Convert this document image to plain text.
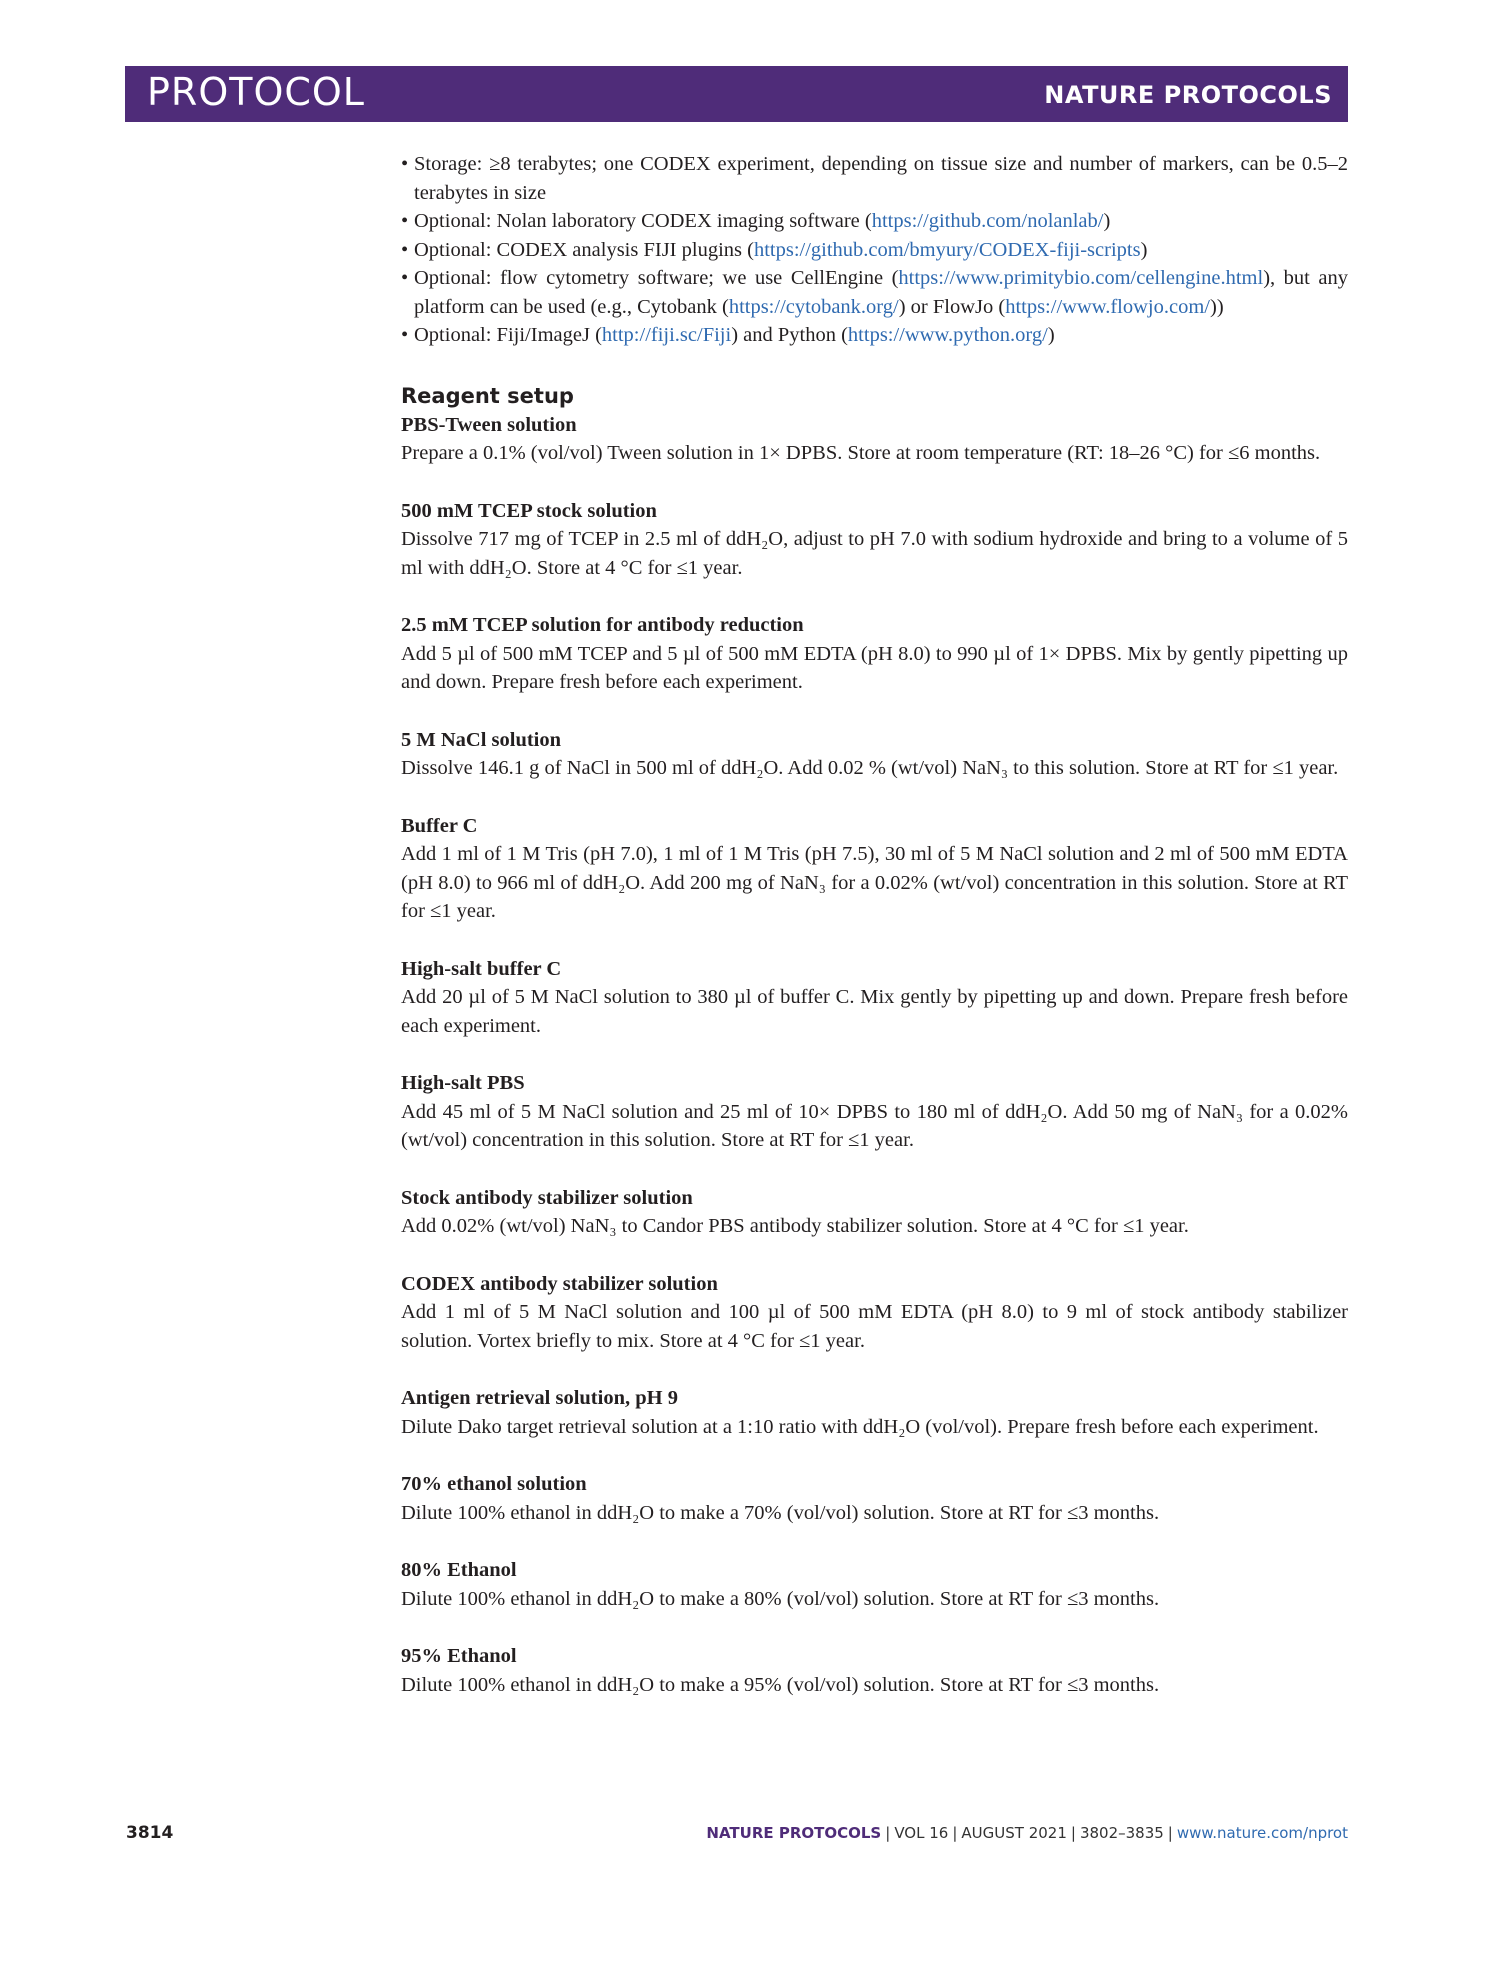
PROTOCOL	NATURE PROTOCOLS
• Storage: ≥8 terabytes; one CODEX experiment, depending on tissue size and number of markers, can be 0.5–2 terabytes in size
• Optional: Nolan laboratory CODEX imaging software (https://github.com/nolanlab/)
• Optional: CODEX analysis FIJI plugins (https://github.com/bmyury/CODEX-fiji-scripts)
• Optional: flow cytometry software; we use CellEngine (https://www.primitybio.com/cellengine.html), but any platform can be used (e.g., Cytobank (https://cytobank.org/) or FlowJo (https://www.flowjo.com/))
• Optional: Fiji/ImageJ (http://fiji.sc/Fiji) and Python (https://www.python.org/)
Reagent setup
PBS-Tween solution
Prepare a 0.1% (vol/vol) Tween solution in 1× DPBS. Store at room temperature (RT: 18–26 °C) for ≤6 months.
500 mM TCEP stock solution
Dissolve 717 mg of TCEP in 2.5 ml of ddH₂O, adjust to pH 7.0 with sodium hydroxide and bring to a volume of 5 ml with ddH₂O. Store at 4 °C for ≤1 year.
2.5 mM TCEP solution for antibody reduction
Add 5 µl of 500 mM TCEP and 5 µl of 500 mM EDTA (pH 8.0) to 990 µl of 1× DPBS. Mix by gently pipetting up and down. Prepare fresh before each experiment.
5 M NaCl solution
Dissolve 146.1 g of NaCl in 500 ml of ddH₂O. Add 0.02 % (wt/vol) NaN₃ to this solution. Store at RT for ≤1 year.
Buffer C
Add 1 ml of 1 M Tris (pH 7.0), 1 ml of 1 M Tris (pH 7.5), 30 ml of 5 M NaCl solution and 2 ml of 500 mM EDTA (pH 8.0) to 966 ml of ddH₂O. Add 200 mg of NaN₃ for a 0.02% (wt/vol) concentration in this solution. Store at RT for ≤1 year.
High-salt buffer C
Add 20 µl of 5 M NaCl solution to 380 µl of buffer C. Mix gently by pipetting up and down. Prepare fresh before each experiment.
High-salt PBS
Add 45 ml of 5 M NaCl solution and 25 ml of 10× DPBS to 180 ml of ddH₂O. Add 50 mg of NaN₃ for a 0.02% (wt/vol) concentration in this solution. Store at RT for ≤1 year.
Stock antibody stabilizer solution
Add 0.02% (wt/vol) NaN₃ to Candor PBS antibody stabilizer solution. Store at 4 °C for ≤1 year.
CODEX antibody stabilizer solution
Add 1 ml of 5 M NaCl solution and 100 µl of 500 mM EDTA (pH 8.0) to 9 ml of stock antibody stabilizer solution. Vortex briefly to mix. Store at 4 °C for ≤1 year.
Antigen retrieval solution, pH 9
Dilute Dako target retrieval solution at a 1:10 ratio with ddH₂O (vol/vol). Prepare fresh before each experiment.
70% ethanol solution
Dilute 100% ethanol in ddH₂O to make a 70% (vol/vol) solution. Store at RT for ≤3 months.
80% Ethanol
Dilute 100% ethanol in ddH₂O to make a 80% (vol/vol) solution. Store at RT for ≤3 months.
95% Ethanol
Dilute 100% ethanol in ddH₂O to make a 95% (vol/vol) solution. Store at RT for ≤3 months.
3814	NATURE PROTOCOLS | VOL 16 | AUGUST 2021 | 3802–3835 | www.nature.com/nprot
